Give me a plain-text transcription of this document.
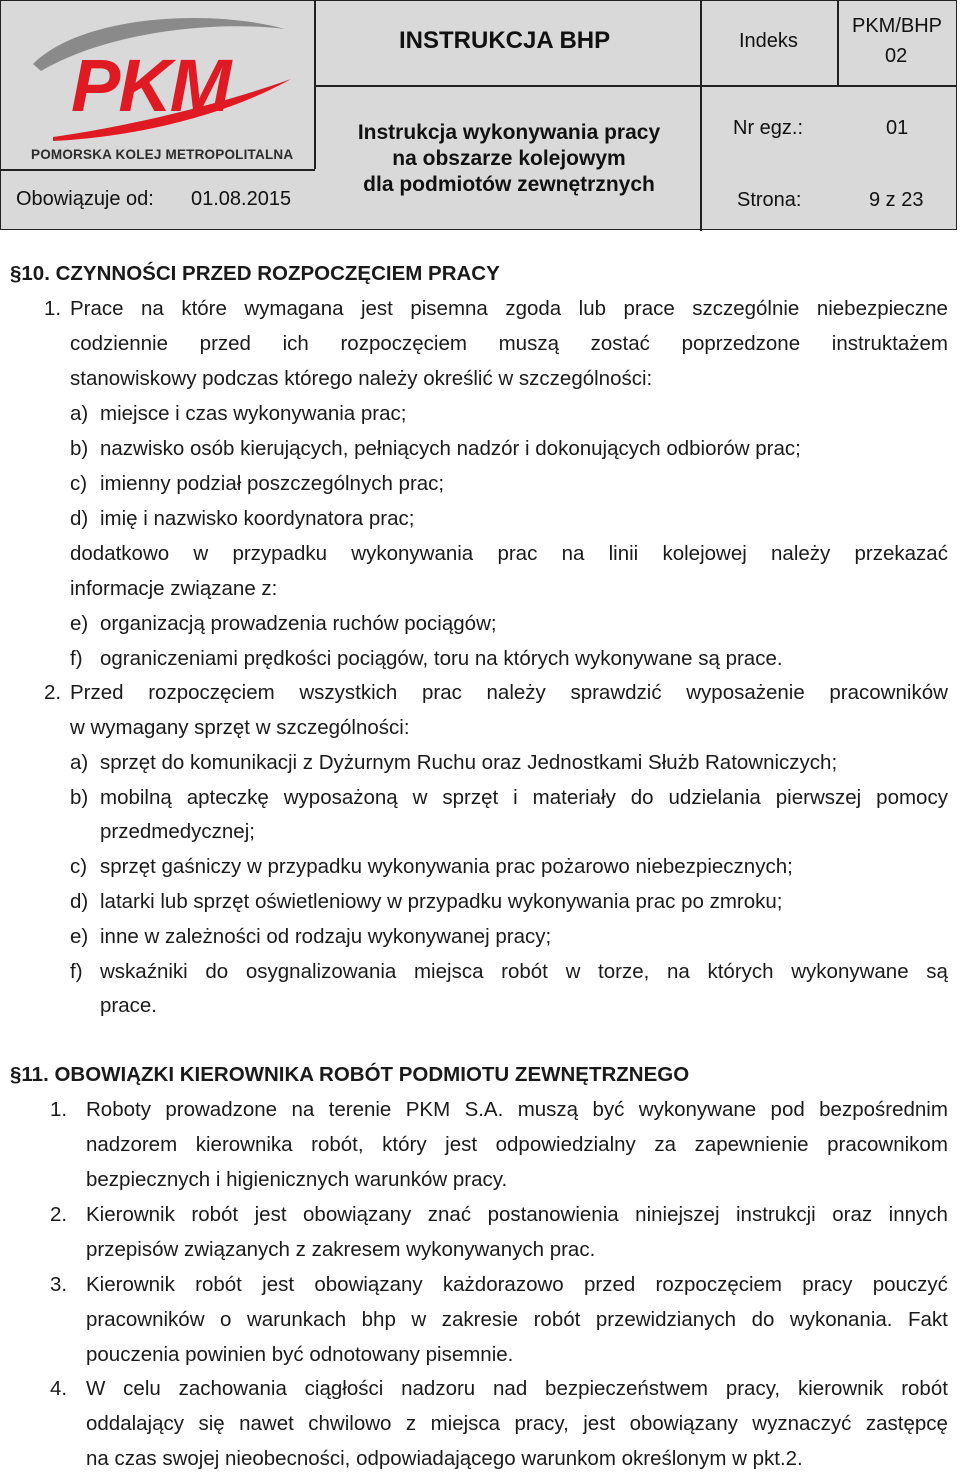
PKM
POMORSKA KOLEJ METROPOLITALNA
INSTRUKCJA BHP
Instrukcja wykonywania pracy
na obszarze kolejowym
dla podmiotów zewnętrznych
Obowiązuje od: 01.08.2015
Indeks
PKM/BHP
02
Nr egz.:	01
Strona:	9 z 23
§10. CZYNNOŚCI PRZED ROZPOCZĘCIEM PRACY
1. Prace na które wymagana jest pisemna zgoda lub prace szczególnie niebezpieczne
codziennie przed ich rozpoczęciem muszą zostać poprzedzone instruktażem
stanowiskowy podczas którego należy określić w szczególności:
a) miejsce i czas wykonywania prac;
b) nazwisko osób kierujących, pełniących nadzór i dokonujących odbiorów prac;
c) imienny podział poszczególnych prac;
d) imię i nazwisko koordynatora prac;
dodatkowo w przypadku wykonywania prac na linii kolejowej należy przekazać
informacje związane z:
e) organizacją prowadzenia ruchów pociągów;
f) ograniczeniami prędkości pociągów, toru na których wykonywane są prace.
2. Przed rozpoczęciem wszystkich prac należy sprawdzić wyposażenie pracowników
w wymagany sprzęt w szczególności:
a) sprzęt do komunikacji z Dyżurnym Ruchu oraz Jednostkami Służb Ratowniczych;
b) mobilną apteczkę wyposażoną w sprzęt i materiały do udzielania pierwszej pomocy
przedmedycznej;
c) sprzęt gaśniczy w przypadku wykonywania prac pożarowo niebezpiecznych;
d) latarki lub sprzęt oświetleniowy w przypadku wykonywania prac po zmroku;
e) inne w zależności od rodzaju wykonywanej pracy;
f) wskaźniki do osygnalizowania miejsca robót w torze, na których wykonywane są
prace.
§11. OBOWIĄZKI KIEROWNIKA ROBÓT PODMIOTU ZEWNĘTRZNEGO
1. Roboty prowadzone na terenie PKM S.A. muszą być wykonywane pod bezpośrednim
nadzorem kierownika robót, który jest odpowiedzialny za zapewnienie pracownikom
bezpiecznych i higienicznych warunków pracy.
2. Kierownik robót jest obowiązany znać postanowienia niniejszej instrukcji oraz innych
przepisów związanych z zakresem wykonywanych prac.
3. Kierownik robót jest obowiązany każdorazowo przed rozpoczęciem pracy pouczyć
pracowników o warunkach bhp w zakresie robót przewidzianych do wykonania. Fakt
pouczenia powinien być odnotowany pisemnie.
4. W celu zachowania ciągłości nadzoru nad bezpieczeństwem pracy, kierownik robót
oddalający się nawet chwilowo z miejsca pracy, jest obowiązany wyznaczyć zastępcę
na czas swojej nieobecności, odpowiadającego warunkom określonym w pkt.2.
